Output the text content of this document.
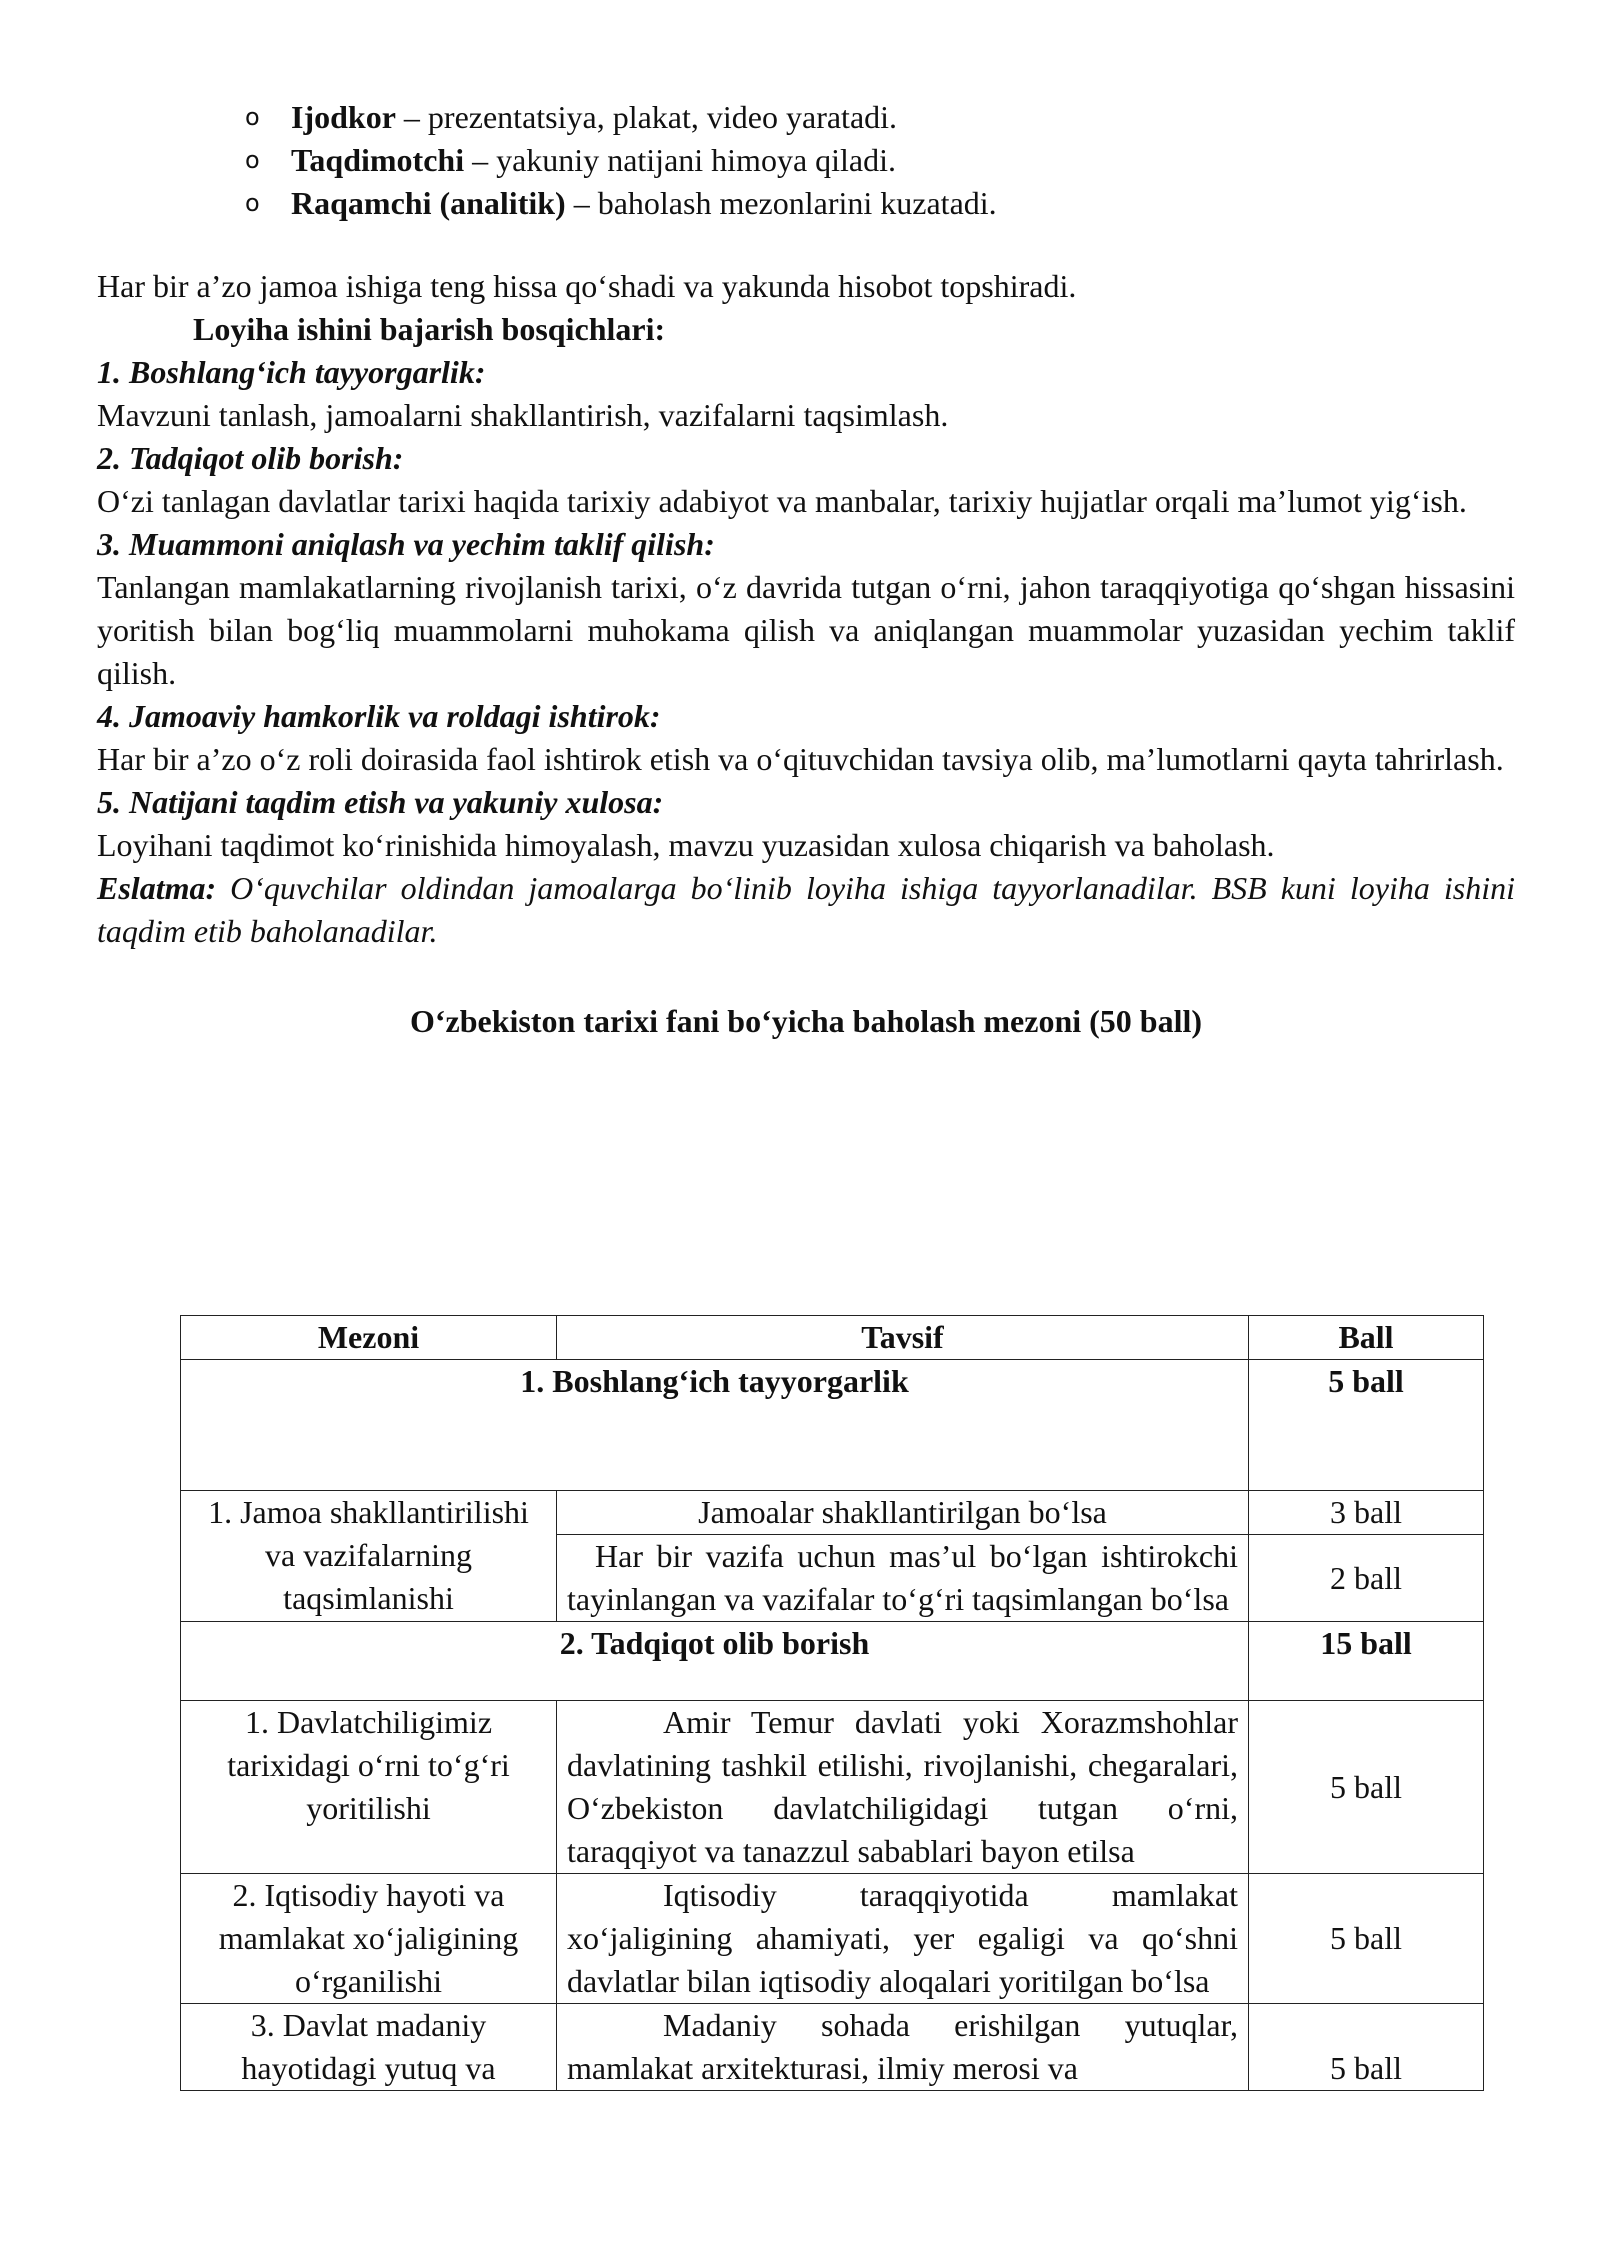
o Ijodkor – prezentatsiya, plakat, video yaratadi.
o Taqdimotchi – yakuniy natijani himoya qiladi.
o Raqamchi (analitik) – baholash mezonlarini kuzatadi.

Har bir a’zo jamoa ishiga teng hissa qo‘shadi va yakunda hisobot topshiradi.

Loyiha ishini bajarish bosqichlari:

1. Boshlang‘ich tayyorgarlik:

Mavzuni tanlash, jamoalarni shakllantirish, vazifalarni taqsimlash.

2. Tadqiqot olib borish:

O‘zi tanlagan davlatlar tarixi haqida tarixiy adabiyot va manbalar, tarixiy hujjatlar orqali ma’lumot yig‘ish.

3. Muammoni aniqlash va yechim taklif qilish:

Tanlangan mamlakatlarning rivojlanish tarixi, o‘z davrida tutgan o‘rni, jahon taraqqiyotiga qo‘shgan hissasini yoritish bilan bog‘liq muammolarni muhokama qilish va aniqlangan muammolar yuzasidan yechim taklif qilish.

4. Jamoaviy hamkorlik va roldagi ishtirok:

Har bir a’zo o‘z roli doirasida faol ishtirok etish va o‘qituvchidan tavsiya olib, ma’lumotlarni qayta tahrirlash.

5. Natijani taqdim etish va yakuniy xulosa:

Loyihani taqdimot ko‘rinishida himoyalash, mavzu yuzasidan xulosa chiqarish va baholash.

Eslatma: O‘quvchilar oldindan jamoalarga bo‘linib loyiha ishiga tayyorlanadilar. BSB kuni loyiha ishini taqdim etib baholanadilar.

O‘zbekiston tarixi fani bo‘yicha baholash mezoni (50 ball)

Mezoni	Tavsif	Ball
1. Boshlang‘ich tayyorgarlik		5 ball
1. Jamoa shakllantirilishi va vazifalarning taqsimlanishi	Jamoalar shakllantirilgan bo‘lsa	3 ball
	Har bir vazifa uchun mas’ul bo‘lgan ishtirokchi tayinlangan va vazifalar to‘g‘ri taqsimlangan bo‘lsa	2 ball
2. Tadqiqot olib borish		15 ball
1. Davlatchiligimiz tarixidagi o‘rni to‘g‘ri yoritilishi	Amir Temur davlati yoki Xorazmshohlar davlatining tashkil etilishi, rivojlanishi, chegaralari, O‘zbekiston davlatchiligidagi tutgan o‘rni, taraqqiyot va tanazzul sabablari bayon etilsa	5 ball
2. Iqtisodiy hayoti va mamlakat xo‘jaligining o‘rganilishi	Iqtisodiy taraqqiyotida mamlakat xo‘jaligining ahamiyati, yer egaligi va qo‘shni davlatlar bilan iqtisodiy aloqalari yoritilgan bo‘lsa	5 ball
3. Davlat madaniy hayotidagi yutuq va	Madaniy sohada erishilgan yutuqlar, mamlakat arxitekturasi, ilmiy merosi va	5 ball
